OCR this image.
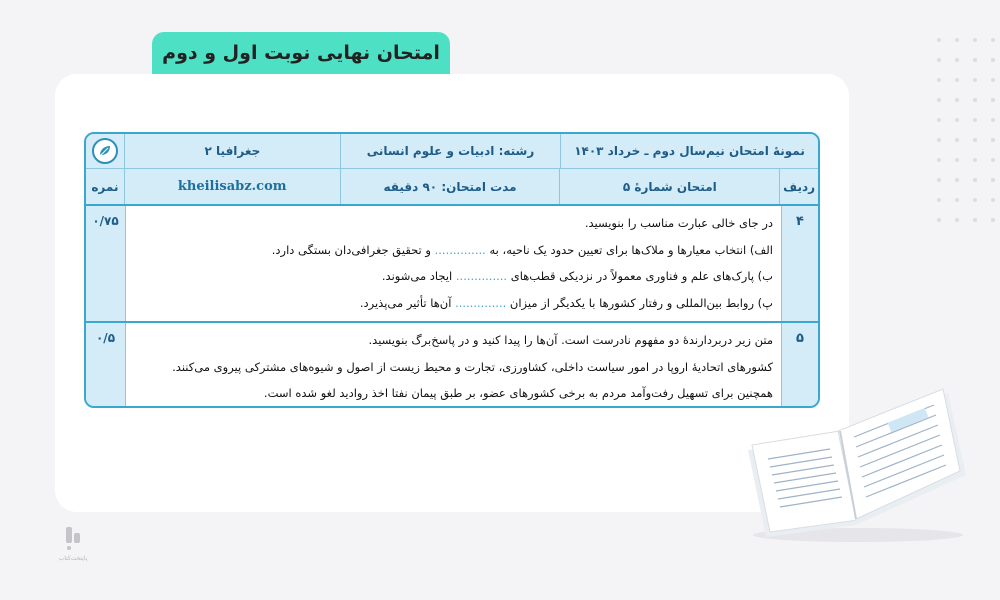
امتحان نهایی نوبت اول و دوم
نمونهٔ امتحان نیم‌سال دوم ـ خرداد ۱۴۰۳
رشته: ادبیات و علوم انسانی
جغرافیا ۲
ردیف
امتحان شمارهٔ ۵
مدت امتحان: ۹۰ دقیقه
kheilisabz.com
نمره
۴
در جای خالی عبارت مناسب را بنویسید.
الف) انتخاب معیارها و ملاک‌ها برای تعیین حدود یک ناحیه، به .............. و تحقیق جغرافی‌دان بستگی دارد.
ب) پارک‌های علم و فناوری معمولاً در نزدیکی قطب‌های .............. ایجاد می‌شوند.
پ) روابط بین‌المللی و رفتار کشورها با یکدیگر از میزان .............. آن‌ها تأثیر می‌پذیرد.
۰/۷۵
۵
متن زیر دربردارندهٔ دو مفهوم نادرست است. آن‌ها را پیدا کنید و در پاسخ‌برگ بنویسید.
کشورهای اتحادیهٔ اروپا در امور سیاست داخلی، کشاورزی، تجارت و محیط زیست از اصول و شیوه‌های مشترکی پیروی می‌کنند.
همچنین برای تسهیل رفت‌وآمد مردم به برخی کشورهای عضو، بر طبق پیمان نفتا اخذ روادید لغو شده است.
۰/۵
پایتخت‌کتاب
